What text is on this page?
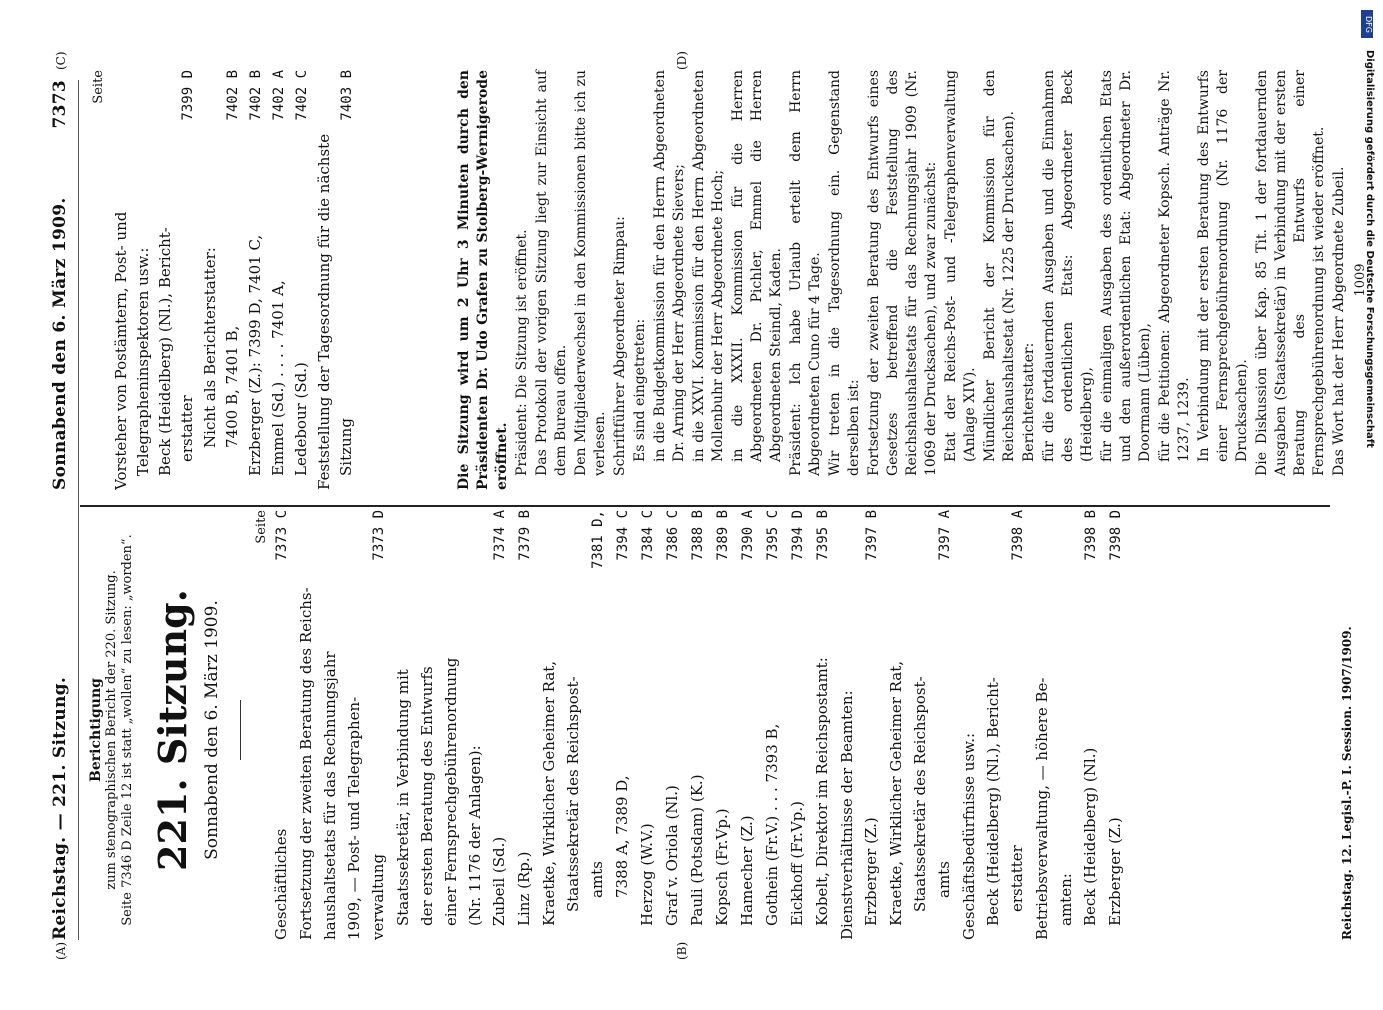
Reichstag. — 221. Sitzung.
Sonnabend den 6. März 1909.
7373
(A)	(B)
(C)	(D)
Berichtigung zum stenographischen Bericht der 220. Sitzung. Seite 7346 D Zeile 12 ist statt „wollen“ zu lesen: „worden“. 221. Sitzung. Sonnabend den 6. März 1909.
Seite
Geschäftliches
7373 C
Fortsetzung der zweiten Beratung des Reichs- haushaltsetats für das Rechnungsjahr 1909, — Post- und Telegraphen- verwaltung
7373 D
Staatssekretär, in Verbindung mit der ersten Beratung des Entwurfs einer Fernsprechgebührenordnung (Nr. 1176 der Anlagen): Zubeil (Sd.)
7374 A
Linz (Rp.)
7379 B
Kraetke, Wirklicher Geheimer Rat, Staatssekretär des Reichspost- amts
7381 D,
7388 A, 7389 D,
7394 C
Herzog (W.V.)
7384 C
Graf v. Oriola (Nl.)
7386 C
Pauli (Potsdam) (K.)
7388 B
Kopsch (Fr.Vp.)
7389 B
Hamecher (Z.)
7390 A
Gothein (Fr.V.) . . . 7393 B,
7395 C
Eickhoff (Fr.Vp.)
7394 D
Kobelt, Direktor im Reichspostamt:
7395 B
Dienstverhältnisse der Beamten: Erzberger (Z.)
7397 B
Kraetke, Wirklicher Geheimer Rat, Staatssekretär des Reichspost- amts
7397 A
Geschäftsbedürfnisse usw.: Beck (Heidelberg) (Nl.), Bericht- erstatter
7398 A
Betriebsverwaltung, — höhere Be- amten: Beck (Heidelberg) (Nl.)
7398 B
Erzberger (Z.)
7398 D
Reichstag. 12. Legisl.-P. I. Session. 1907/1909.
Seite
Vorsteher von Postämtern, Post- und Telegrapheninspektoren usw.: Beck (Heidelberg) (Nl.), Bericht- erstatter
7399 D
Nicht als Berichterstatter: 7400 B, 7401 B,
7402 B
Erzberger (Z.): 7399 D, 7401 C,
7402 B
Emmel (Sd.) . . . . 7401 A,
7402 A
Ledebour (Sd.)
7402 C
Feststellung der Tagesordnung für die nächste Sitzung
7403 B	Die Sitzung wird um 2 Uhr 3 Minuten durch den Präsidenten Dr. Udo Grafen zu Stolberg-Wernigerode eröffnet. Präsident: Die Sitzung ist eröffnet. Das Protokoll der vorigen Sitzung liegt zur Einsicht auf dem Bureau offen. Den Mitgliederwechsel in den Kommissionen bitte ich zu verlesen. Schriftführer Abgeordneter Rimpau: Es sind eingetreten: in die Budgetkommission für den Herrn Abgeordneten Dr. Arning der Herr Abgeordnete Sievers; in die XXVI. Kommission für den Herrn Abgeordneten Mollenbuhr der Herr Abgeordnete Hoch; in die XXXII. Kommission für die Herren Abgeordneten Dr. Pichler, Emmel die Herren Abgeordneten Steindl, Kaden. Präsident: Ich habe Urlaub erteilt dem Herrn Abgeordneten Cuno für 4 Tage. Wir treten in die Tagesordnung ein. Gegenstand derselben ist: Fortsetzung der zweiten Beratung des Entwurfs eines Gesetzes betreffend die Feststellung des Reichshaushaltsetats für das Rechnungsjahr 1909 (Nr. 1069 der Drucksachen), und zwar zunächst: Etat der Reichs-Post- und -Telegraphenverwaltung (Anlage XIV). Mündlicher Bericht der Kommission für den Reichshaushaltsetat (Nr. 1225 der Drucksachen). Berichterstatter: für die fortdauernden Ausgaben und die Einnahmen des ordentlichen Etats: Abgeordneter Beck (Heidelberg), für die einmaligen Ausgaben des ordentlichen Etats und den außerordentlichen Etat: Abgeordneter Dr. Doormann (Lüben), für die Petitionen: Abgeordneter Kopsch. Anträge Nr. 1237, 1239. In Verbindung mit der ersten Beratung des Entwurfs einer Fernsprechgebührenordnung (Nr. 1176 der Drucksachen). Die Diskussion über Kap. 85 Tit. 1 der fortdauernden Ausgaben (Staatssekretär) in Verbindung mit der ersten Beratung des Entwurfs einer Fernsprechgebührenordnung ist wieder eröffnet. Das Wort hat der Herr Abgeordnete Zubeil. 1009
DFG
Digitalisierung gefördert durch die Deutsche Forschungsgemeinschaft
